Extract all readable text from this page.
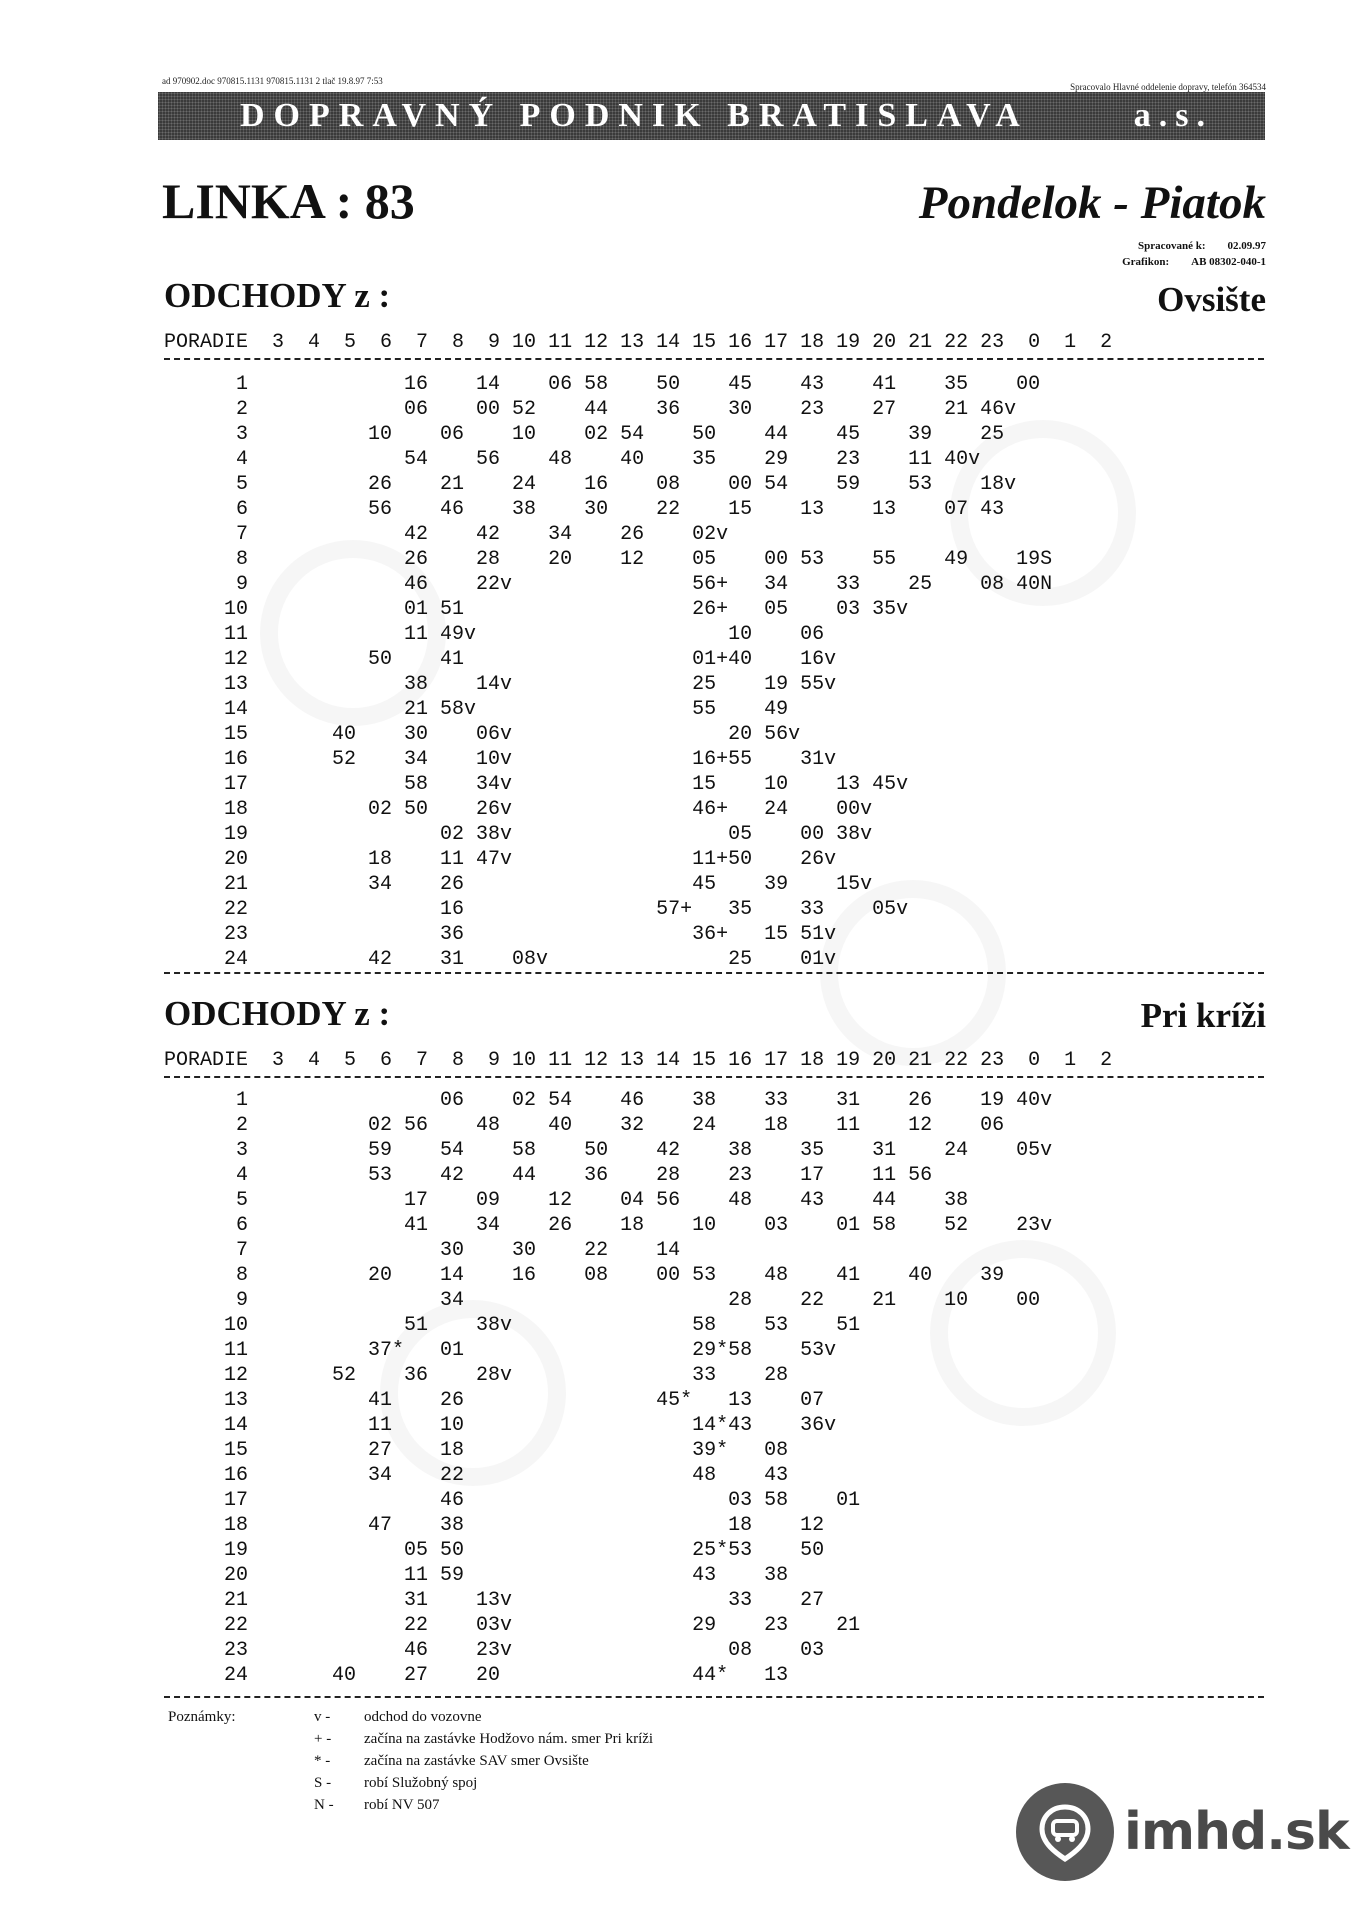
ad 970902.doc 970815.1131 970815.1131 2 tlač 19.8.97 7:53
Spracovalo Hlavné oddelenie dopravy, telefón 364534
DOPRAVNÝ PODNIK BRATISLAVA	a.s.
LINKA : 83	Pondelok - Piatok
Spracované k: 02.09.97
Grafikon: AB 08302-040-1
ODCHODY z :	Ovsište
PORADIE  3  4  5  6  7  8  9 10 11 12 13 14 15 16 17 18 19 20 21 22 23  0  1  2
1             16    14    06 58    50    45    43    41    35    00
2             06    00 52    44    36    30    23    27    21 46v
3          10    06    10    02 54    50    44    45    39    25
4             54    56    48    40    35    29    23    11 40v
5          26    21    24    16    08    00 54    59    53    18v
6          56    46    38    30    22    15    13    13    07 43
7             42    42    34    26    02v
8             26    28    20    12    05    00 53    55    49    19S
9             46    22v               56+   34    33    25    08 40N
10             01 51                   26+   05    03 35v
11             11 49v                     10    06
12          50    41                   01+40    16v
13             38    14v               25    19 55v
14             21 58v                  55    49
15       40    30    06v                  20 56v
16       52    34    10v               16+55    31v
17             58    34v               15    10    13 45v
18          02 50    26v               46+   24    00v
19                02 38v                  05    00 38v
20          18    11 47v               11+50    26v
21          34    26                   45    39    15v
22                16                57+   35    33    05v
23                36                   36+   15 51v
24          42    31    08v               25    01v
ODCHODY z :	Pri kríži
PORADIE  3  4  5  6  7  8  9 10 11 12 13 14 15 16 17 18 19 20 21 22 23  0  1  2
1                06    02 54    46    38    33    31    26    19 40v
2          02 56    48    40    32    24    18    11    12    06
3          59    54    58    50    42    38    35    31    24    05v
4          53    42    44    36    28    23    17    11 56
5             17    09    12    04 56    48    43    44    38
6             41    34    26    18    10    03    01 58    52    23v
7                30    30    22    14
8          20    14    16    08    00 53    48    41    40    39
9                34                      28    22    21    10    00
10             51    38v               58    53    51
11          37*   01                   29*58    53v
12       52    36    28v               33    28
13          41    26                45*   13    07
14          11    10                   14*43    36v
15          27    18                   39*   08
16          34    22                   48    43
17                46                      03 58    01
18          47    38                      18    12
19             05 50                   25*53    50
20             11 59                   43    38
21             31    13v                  33    27
22             22    03v               29    23    21
23             46    23v                  08    03
24       40    27    20                44*   13
Poznámky:	v - odchod do vozovne
+ - začína na zastávke Hodžovo nám. smer Pri kríži
* - začína na zastávke SAV smer Ovsište
S - robí Služobný spoj
N - robí NV 507	imhd.sk
